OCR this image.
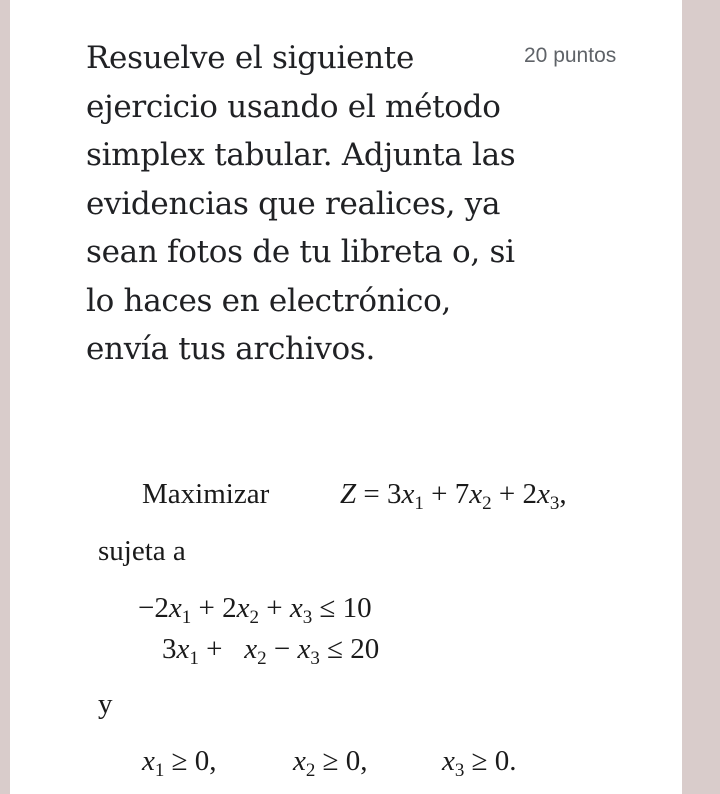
Resuelve el siguiente ejercicio usando el método simplex tabular. Adjunta las evidencias que realices, ya sean fotos de tu libreta o, si lo haces en electrónico, envía tus archivos.

20 puntos
Maximizar $Z = 3x_1 + 7x_2 + 2x_3$,
sujeta a
$-2x_1 + 2x_2 + x_3 \le 10$
$3x_1 + x_2 - x_3 \le 20$
y
$x_1 \ge 0$,	$x_2 \ge 0$,	$x_3 \ge 0$.
